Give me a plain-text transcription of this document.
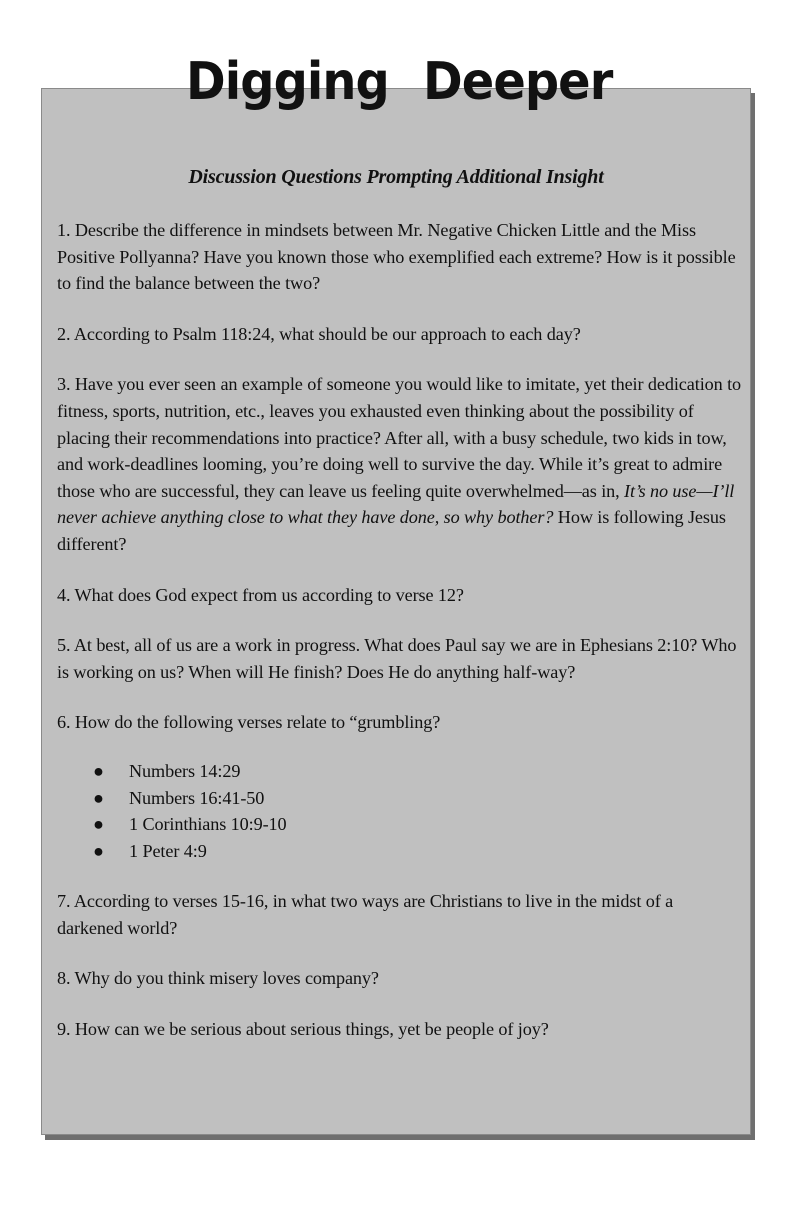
Digging Deeper
Discussion Questions Prompting Additional Insight

1. Describe the difference in mindsets between Mr. Negative Chicken Little and the Miss Positive Pollyanna? Have you known those who exemplified each extreme? How is it possible to find the balance between the two?

2. According to Psalm 118:24, what should be our approach to each day?

3. Have you ever seen an example of someone you would like to imitate, yet their dedication to fitness, sports, nutrition, etc., leaves you exhausted even thinking about the possibility of placing their recommendations into practice? After all, with a busy schedule, two kids in tow, and work-deadlines looming, you’re doing well to survive the day. While it’s great to admire those who are successful, they can leave us feeling quite overwhelmed—as in, It’s no use—I’ll never achieve anything close to what they have done, so why bother? How is following Jesus different?

4. What does God expect from us according to verse 12?

5. At best, all of us are a work in progress. What does Paul say we are in Ephesians 2:10? Who is working on us? When will He finish? Does He do anything half-way?

6. How do the following verses relate to “grumbling?

● Numbers 14:29
● Numbers 16:41-50
● 1 Corinthians 10:9-10
● 1 Peter 4:9

7. According to verses 15-16, in what two ways are Christians to live in the midst of a darkened world?

8. Why do you think misery loves company?

9. How can we be serious about serious things, yet be people of joy?
